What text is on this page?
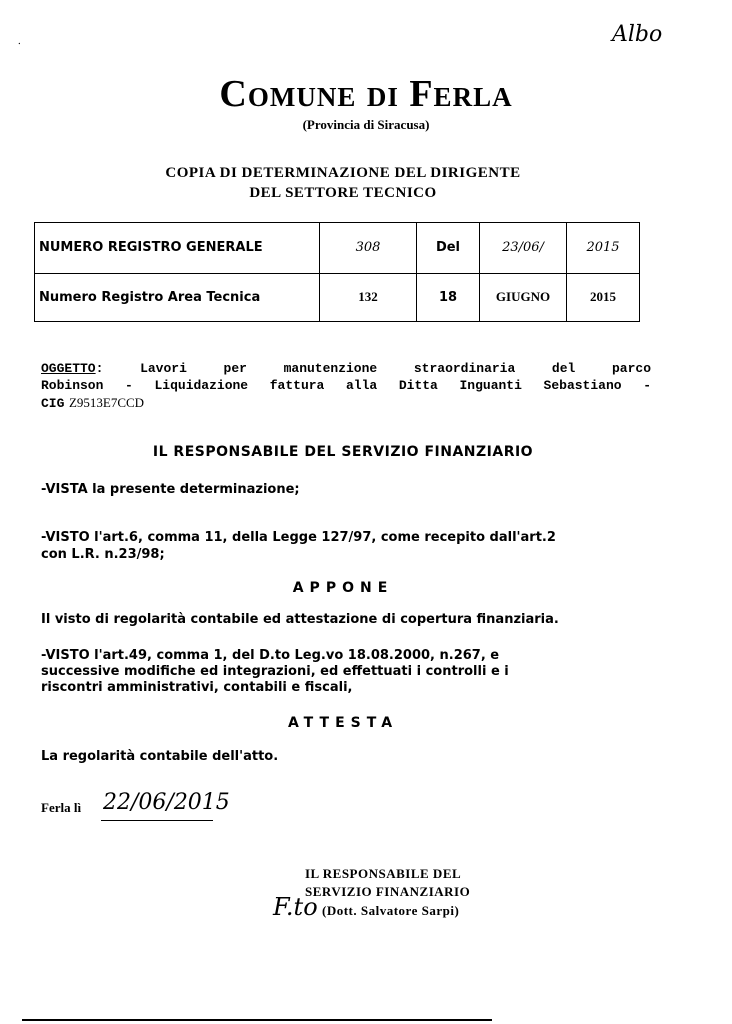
Albo
⸱
Comune di Ferla
(Provincia di Siracusa)
COPIA DI DETERMINAZIONE DEL DIRIGENTE
DEL SETTORE TECNICO
NUMERO REGISTRO GENERALE	308	Del	23/06/	2015
Numero Registro Area Tecnica	132	18	GIUGNO	2015
OGGETTO: Lavori per manutenzione straordinaria del parco
Robinson - Liquidazione fattura alla Ditta Inguanti Sebastiano -
CIG Z9513E7CCD
IL RESPONSABILE DEL SERVIZIO FINANZIARIO
-VISTA la presente determinazione;
-VISTO l'art.6, comma 11, della Legge 127/97, come recepito dall'art.2
con L.R. n.23/98;
APPONE
Il visto di regolarità contabile ed attestazione di copertura finanziaria.
-VISTO l'art.49, comma 1, del D.to Leg.vo 18.08.2000, n.267, e
successive modifiche ed integrazioni, ed effettuati i controlli e i
riscontri amministrativi, contabili e fiscali,
ATTESTA
La regolarità contabile dell'atto.
Ferla lì 22/06/2015
IL RESPONSABILE DEL
SERVIZIO FINANZIARIO
(Dott. Salvatore Sarpi)
F.to
